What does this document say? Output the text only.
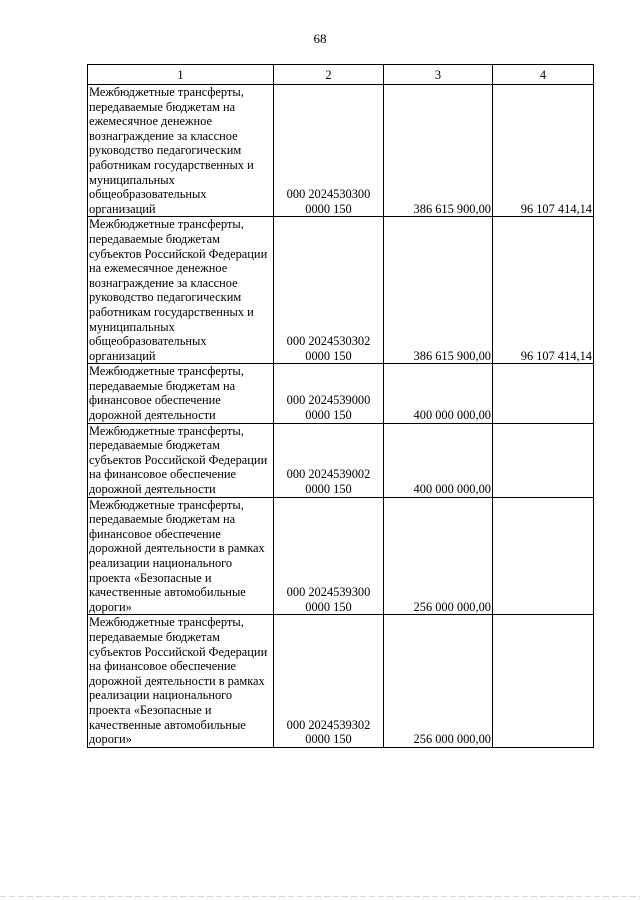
68
1	2	3	4
Межбюджетные трансферты, передаваемые бюджетам на ежемесячное денежное вознаграждение за классное руководство педагогическим работникам государственных и муниципальных общеобразовательных организаций	000 2024530300
0000 150	386 615 900,00	96 107 414,14
Межбюджетные трансферты, передаваемые бюджетам субъектов Российской Федерации на ежемесячное денежное вознаграждение за классное руководство педагогическим работникам государственных и муниципальных общеобразовательных организаций	000 2024530302
0000 150	386 615 900,00	96 107 414,14
Межбюджетные трансферты, передаваемые бюджетам на финансовое обеспечение дорожной деятельности	000 2024539000
0000 150	400 000 000,00	
Межбюджетные трансферты, передаваемые бюджетам субъектов Российской Федерации на финансовое обеспечение дорожной деятельности	000 2024539002
0000 150	400 000 000,00	
Межбюджетные трансферты, передаваемые бюджетам на финансовое обеспечение дорожной деятельности в рамках реализации национального проекта «Безопасные и качественные автомобильные дороги»	000 2024539300
0000 150	256 000 000,00	
Межбюджетные трансферты, передаваемые бюджетам субъектов Российской Федерации на финансовое обеспечение дорожной деятельности в рамках реализации национального проекта «Безопасные и качественные автомобильные дороги»	000 2024539302
0000 150	256 000 000,00	
